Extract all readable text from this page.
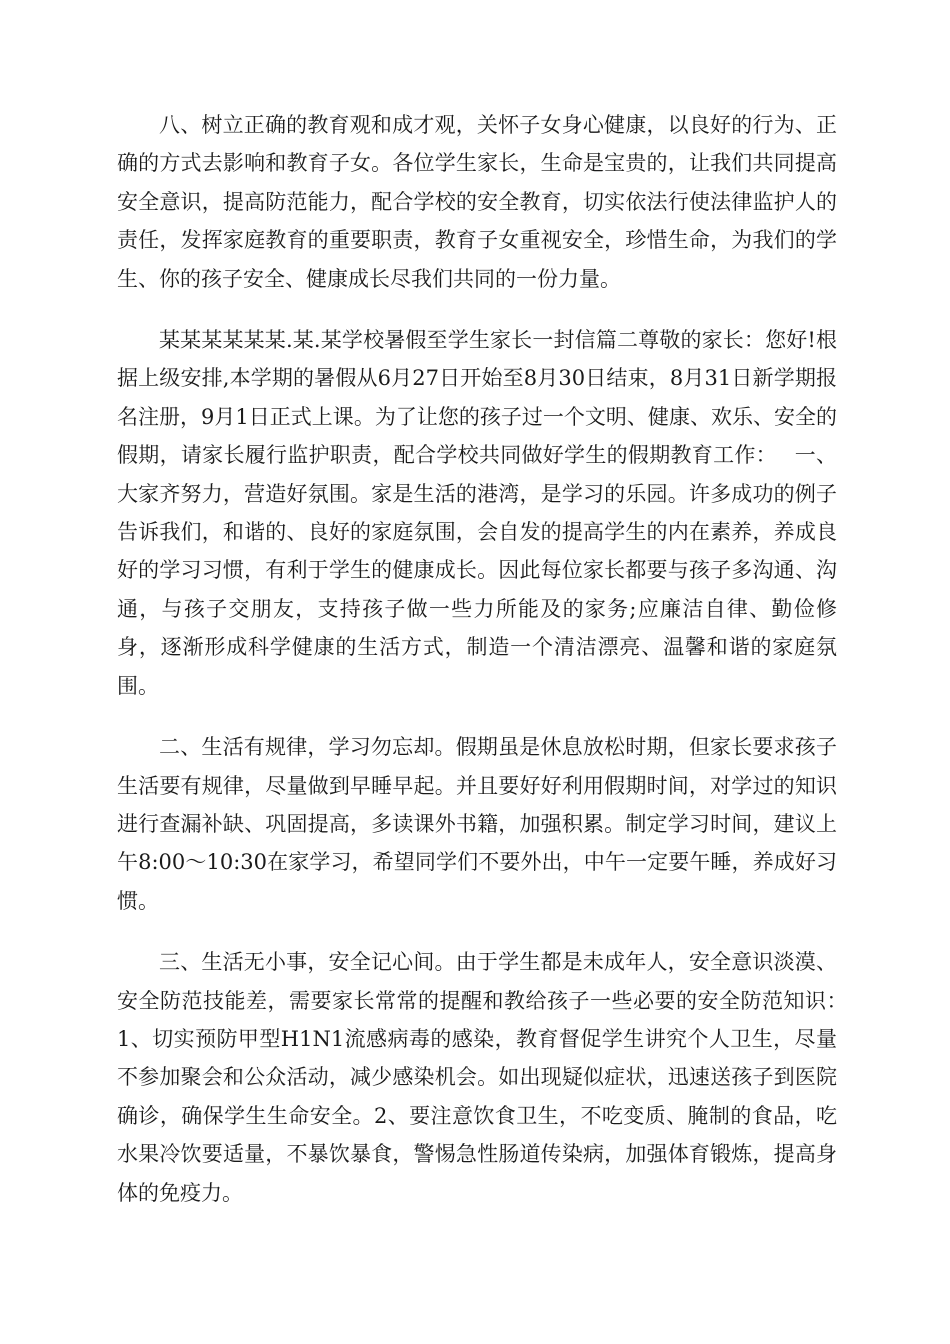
八、树立正确的教育观和成才观，关怀子女身心健康，以良好的行为、正确的方式去影响和教育子女。各位学生家长，生命是宝贵的，让我们共同提高安全意识，提高防范能力，配合学校的安全教育，切实依法行使法律监护人的责任，发挥家庭教育的重要职责，教育子女重视安全，珍惜生命，为我们的学生、你的孩子安全、健康成长尽我们共同的一份力量。

某某某某某某.某.某学校暑假至学生家长一封信篇二尊敬的家长：您好!根据上级安排,本学期的暑假从6月27日开始至8月30日结束，8月31日新学期报名注册，9月1日正式上课。为了让您的孩子过一个文明、健康、欢乐、安全的假期，请家长履行监护职责，配合学校共同做好学生的假期教育工作：　 一、大家齐努力，营造好氛围。家是生活的港湾，是学习的乐园。许多成功的例子告诉我们，和谐的、良好的家庭氛围，会自发的提高学生的内在素养，养成良好的学习习惯，有利于学生的健康成长。因此每位家长都要与孩子多沟通、沟通，与孩子交朋友，支持孩子做一些力所能及的家务;应廉洁自律、勤俭修身，逐渐形成科学健康的生活方式，制造一个清洁漂亮、温馨和谐的家庭氛围。

二、生活有规律，学习勿忘却。假期虽是休息放松时期，但家长要求孩子生活要有规律，尽量做到早睡早起。并且要好好利用假期时间，对学过的知识进行查漏补缺、巩固提高，多读课外书籍，加强积累。制定学习时间，建议上午8:00～10:30在家学习，希望同学们不要外出，中午一定要午睡，养成好习惯。

三、生活无小事，安全记心间。由于学生都是未成年人，安全意识淡漠、安全防范技能差，需要家长常常的提醒和教给孩子一些必要的安全防范知识：　 1、切实预防甲型H1N1流感病毒的感染，教育督促学生讲究个人卫生，尽量不参加聚会和公众活动，减少感染机会。如出现疑似症状，迅速送孩子到医院确诊，确保学生生命安全。2、要注意饮食卫生，不吃变质、腌制的食品，吃水果冷饮要适量，不暴饮暴食，警惕急性肠道传染病，加强体育锻炼，提高身体的免疫力。
